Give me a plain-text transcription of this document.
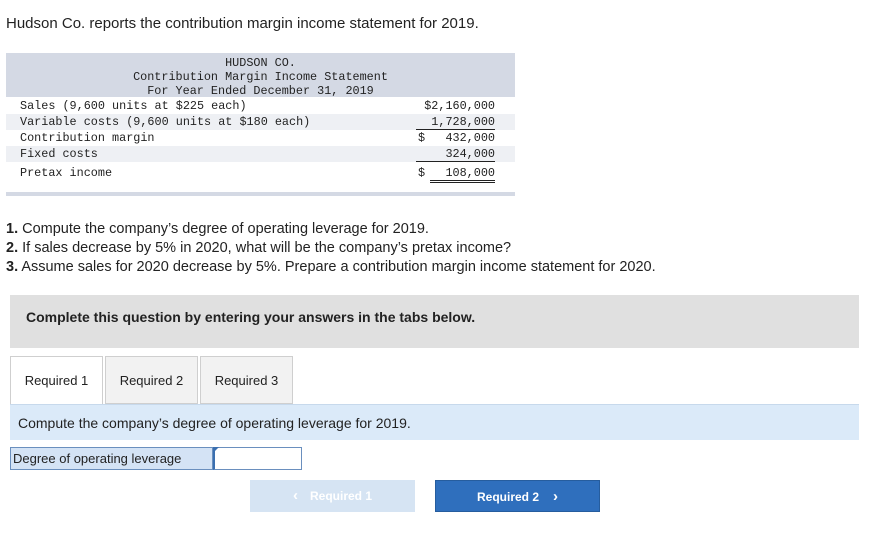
Hudson Co. reports the contribution margin income statement for 2019.
HUDSON CO.
Contribution Margin Income Statement
For Year Ended December 31, 2019
Sales (9,600 units at $225 each)	$2,160,000
Variable costs (9,600 units at $180 each)	1,728,000
Contribution margin	$	432,000
Fixed costs	324,000
Pretax income	$	108,000
1. Compute the company’s degree of operating leverage for 2019.
2. If sales decrease by 5% in 2020, what will be the company’s pretax income?
3. Assume sales for 2020 decrease by 5%. Prepare a contribution margin income statement for 2020.
Complete this question by entering your answers in the tabs below.
Required 1	Required 2	Required 3
Compute the company’s degree of operating leverage for 2019.
Degree of operating leverage
‹ Required 1	Required 2 ›
